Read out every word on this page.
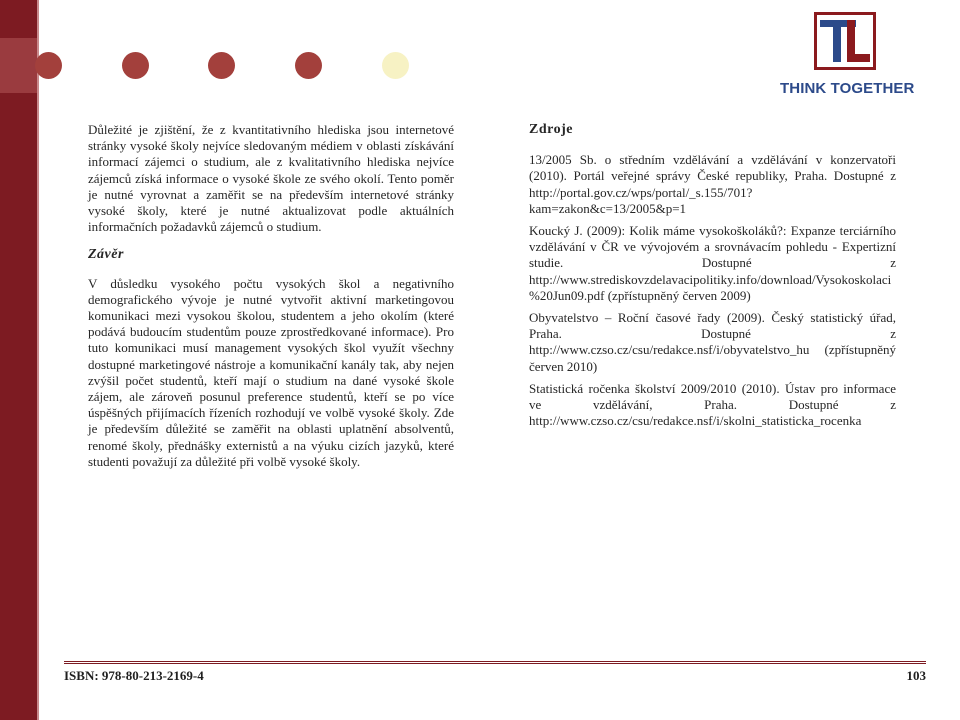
THINK TOGETHER

Důležité je zjištění, že z kvantitativního hlediska jsou internetové stránky vysoké školy nejvíce sledovaným médiem v oblasti získávání informací zájemci o studium, ale z kvalitativního hlediska nejvíce zájemců získá informace o vysoké škole ze svého okolí. Tento poměr je nutné vyrovnat a zaměřit se na především internetové stránky vysoké školy, které je nutné aktualizovat podle aktuálních informačních požadavků zájemců o studium.

Závěr

V důsledku vysokého počtu vysokých škol a negativního demografického vývoje je nutné vytvořit aktivní marketingovou komunikaci mezi vysokou školou, studentem a jeho okolím (které podává budoucím studentům pouze zprostředkované informace). Pro tuto komunikaci musí management vysokých škol využít všechny dostupné marketingové nástroje a komunikační kanály tak, aby nejen zvýšil počet studentů, kteří mají o studium na dané vysoké škole zájem, ale zároveň posunul preference studentů, kteří se po více úspěšných přijímacích řízeních rozhodují ve volbě vysoké školy. Zde je především důležité se zaměřit na oblasti uplatnění absolventů, renomé školy, přednášky externistů a na výuku cizích jazyků, které studenti považují za důležité při volbě vysoké školy.

Zdroje

13/2005 Sb. o středním vzdělávání a vzdělávání v konzervatoři (2010). Portál veřejné správy České republiky, Praha. Dostupné z http://portal.gov.cz/wps/portal/_s.155/701?kam=zakon&c=13/2005&p=1

Koucký J. (2009): Kolik máme vysokoškoláků?: Expanze terciárního vzdělávání v ČR ve vývojovém a srovnávacím pohledu - Expertizní studie. Dostupné z http://www.strediskovzdelavacipolitiky.info/download/Vysokoskolaci%20Jun09.pdf (zpřístupněný červen 2009)

Obyvatelstvo – Roční časové řady (2009). Český statistický úřad, Praha. Dostupné z http://www.czso.cz/csu/redakce.nsf/i/obyvatelstvo_hu (zpřístupněný červen 2010)

Statistická ročenka školství 2009/2010 (2010). Ústav pro informace ve vzdělávání, Praha. Dostupné z http://www.czso.cz/csu/redakce.nsf/i/skolni_statisticka_rocenka

ISBN: 978-80-213-2169-4	103
